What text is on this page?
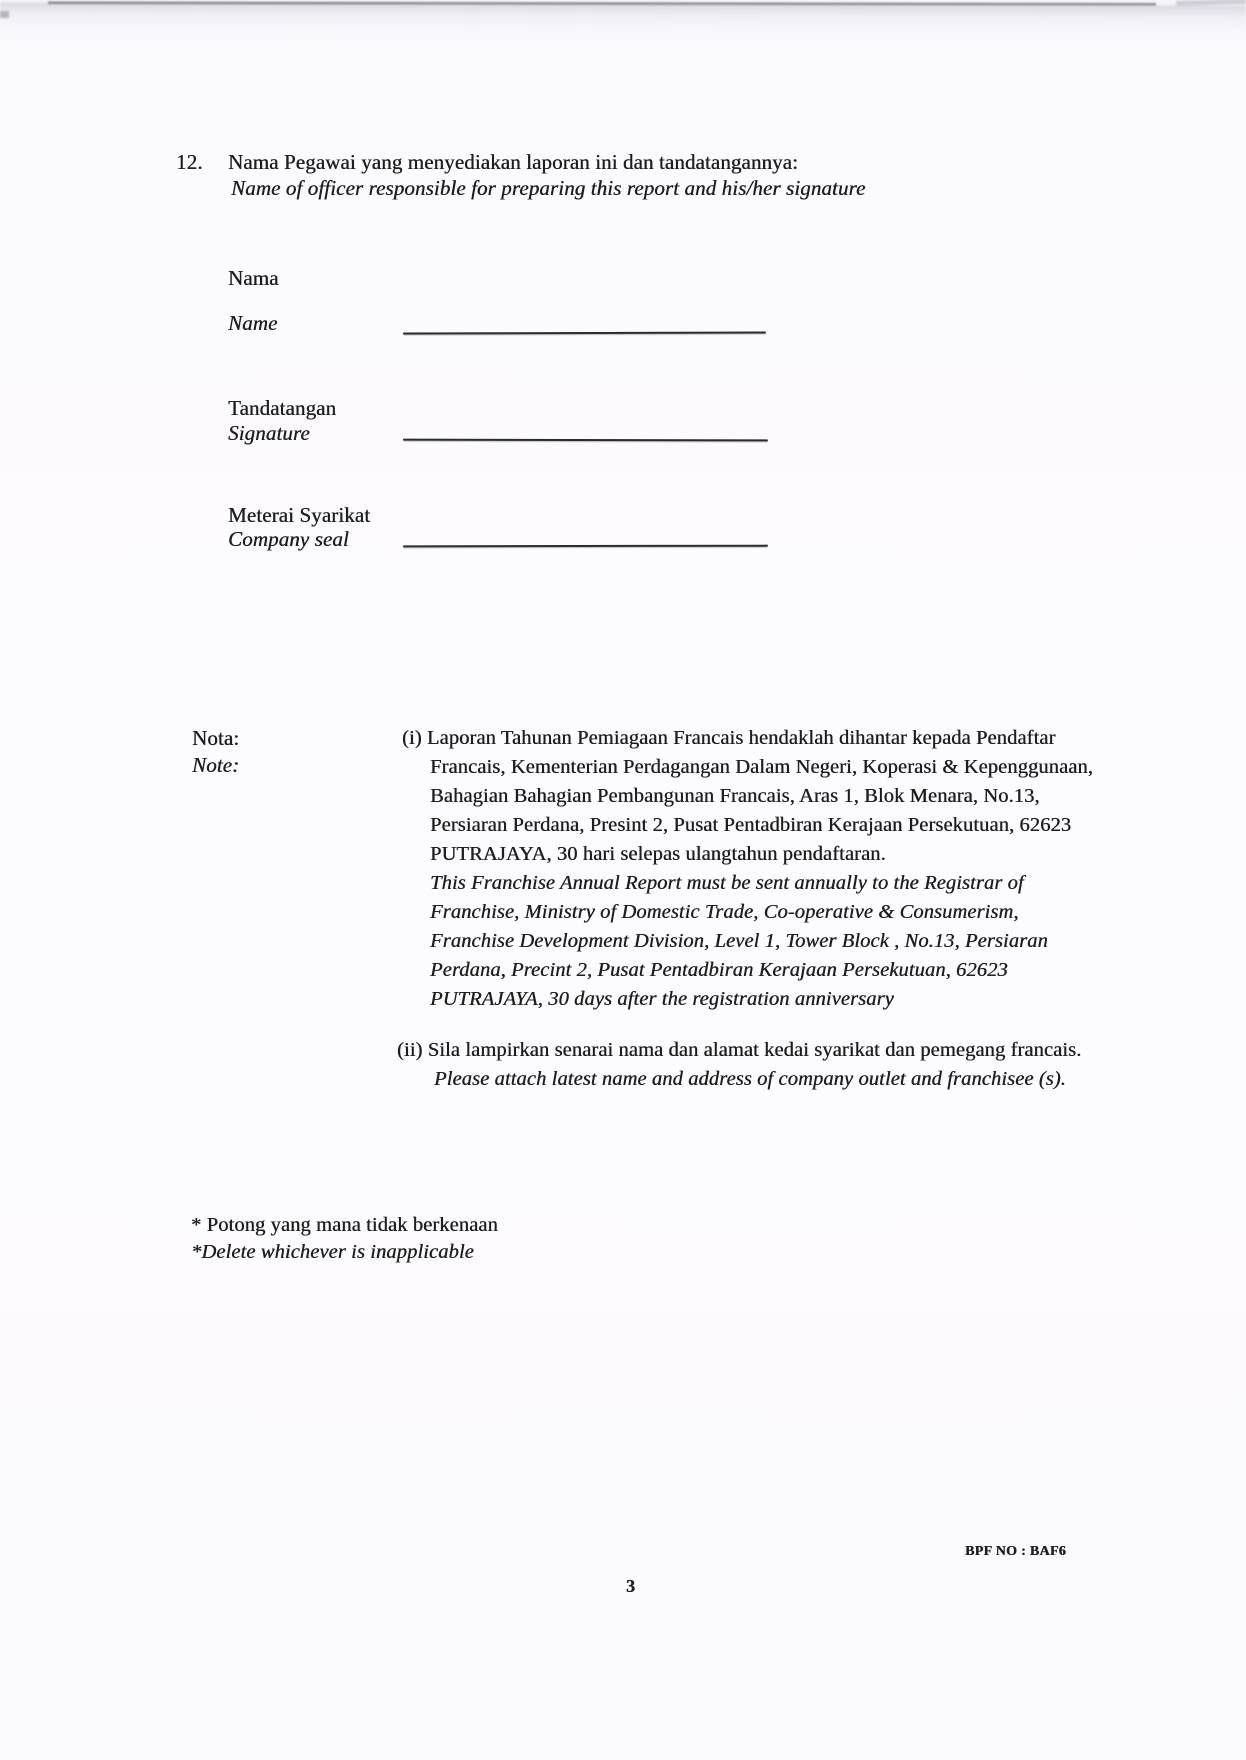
12. Nama Pegawai yang menyediakan laporan ini dan tandatangannya:
Name of officer responsible for preparing this report and his/her signature
Nama
Name
Tandatangan
Signature
Meterai Syarikat
Company seal
Nota:
Note:
(i) Laporan Tahunan Pemiagaan Francais hendaklah dihantar kepada Pendaftar Francais, Kementerian Perdagangan Dalam Negeri, Koperasi & Kepenggunaan, Bahagian Bahagian Pembangunan Francais, Aras 1, Blok Menara, No.13, Persiaran Perdana, Presint 2, Pusat Pentadbiran Kerajaan Persekutuan, 62623 PUTRAJAYA, 30 hari selepas ulangtahun pendaftaran.
This Franchise Annual Report must be sent annually to the Registrar of Franchise, Ministry of Domestic Trade, Co-operative & Consumerism, Franchise Development Division, Level 1, Tower Block , No.13, Persiaran Perdana, Precint 2, Pusat Pentadbiran Kerajaan Persekutuan, 62623 PUTRAJAYA, 30 days after the registration anniversary
(ii) Sila lampirkan senarai nama dan alamat kedai syarikat dan pemegang francais.
Please attach latest name and address of company outlet and franchisee (s).
* Potong yang mana tidak berkenaan
*Delete whichever is inapplicable
BPF NO : BAF6
3
